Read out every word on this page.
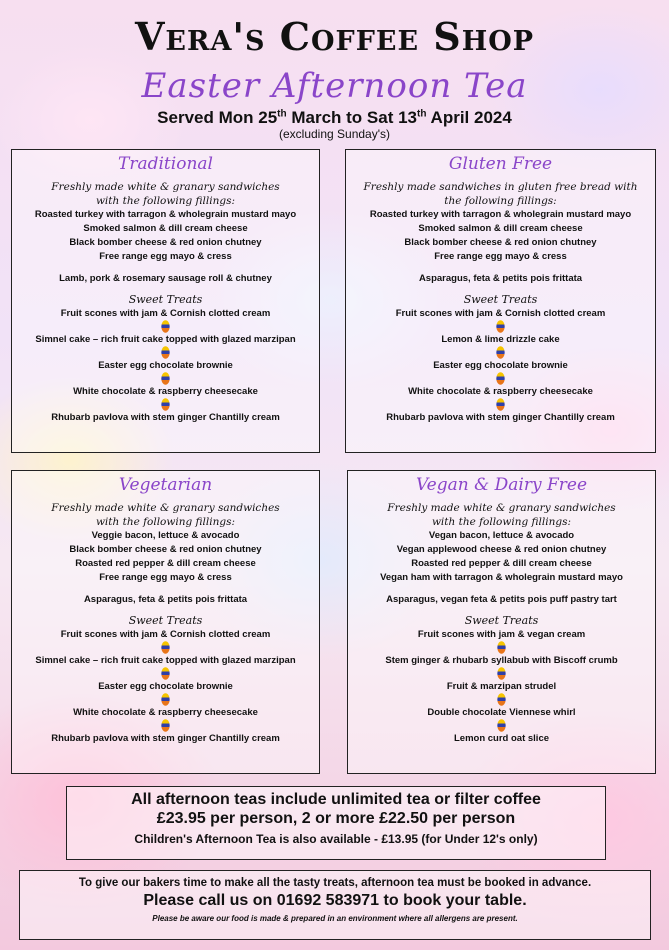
Vera's Coffee Shop
Easter Afternoon Tea
Served Mon 25th March to Sat 13th April 2024
(excluding Sunday's)
Traditional
Freshly made white & granary sandwiches
with the following fillings:
Roasted turkey with tarragon & wholegrain mustard mayo
Smoked salmon & dill cream cheese
Black bomber cheese & red onion chutney
Free range egg mayo & cress
Lamb, pork & rosemary sausage roll & chutney
Sweet Treats
Fruit scones with jam & Cornish clotted cream
Simnel cake – rich fruit cake topped with glazed marzipan
Easter egg chocolate brownie
White chocolate & raspberry cheesecake
Rhubarb pavlova with stem ginger Chantilly cream
Gluten Free
Freshly made sandwiches in gluten free bread with
the following fillings:
Roasted turkey with tarragon & wholegrain mustard mayo
Smoked salmon & dill cream cheese
Black bomber cheese & red onion chutney
Free range egg mayo & cress
Asparagus, feta & petits pois frittata
Sweet Treats
Fruit scones with jam & Cornish clotted cream
Lemon & lime drizzle cake
Easter egg chocolate brownie
White chocolate & raspberry cheesecake
Rhubarb pavlova with stem ginger Chantilly cream
Vegetarian
Freshly made white & granary sandwiches
with the following fillings:
Veggie bacon, lettuce & avocado
Black bomber cheese & red onion chutney
Roasted red pepper & dill cream cheese
Free range egg mayo & cress
Asparagus, feta & petits pois frittata
Sweet Treats
Fruit scones with jam & Cornish clotted cream
Simnel cake – rich fruit cake topped with glazed marzipan
Easter egg chocolate brownie
White chocolate & raspberry cheesecake
Rhubarb pavlova with stem ginger Chantilly cream
Vegan & Dairy Free
Freshly made white & granary sandwiches
with the following fillings:
Vegan bacon, lettuce & avocado
Vegan applewood cheese & red onion chutney
Roasted red pepper & dill cream cheese
Vegan ham with tarragon & wholegrain mustard mayo
Asparagus, vegan feta & petits pois puff pastry tart
Sweet Treats
Fruit scones with jam & vegan cream
Stem ginger & rhubarb syllabub with Biscoff crumb
Fruit & marzipan strudel
Double chocolate Viennese whirl
Lemon curd oat slice
All afternoon teas include unlimited tea or filter coffee
£23.95 per person, 2 or more £22.50 per person
Children's Afternoon Tea is also available - £13.95 (for Under 12's only)
To give our bakers time to make all the tasty treats, afternoon tea must be booked in advance.
Please call us on 01692 583971 to book your table.
Please be aware our food is made & prepared in an environment where all allergens are present.
